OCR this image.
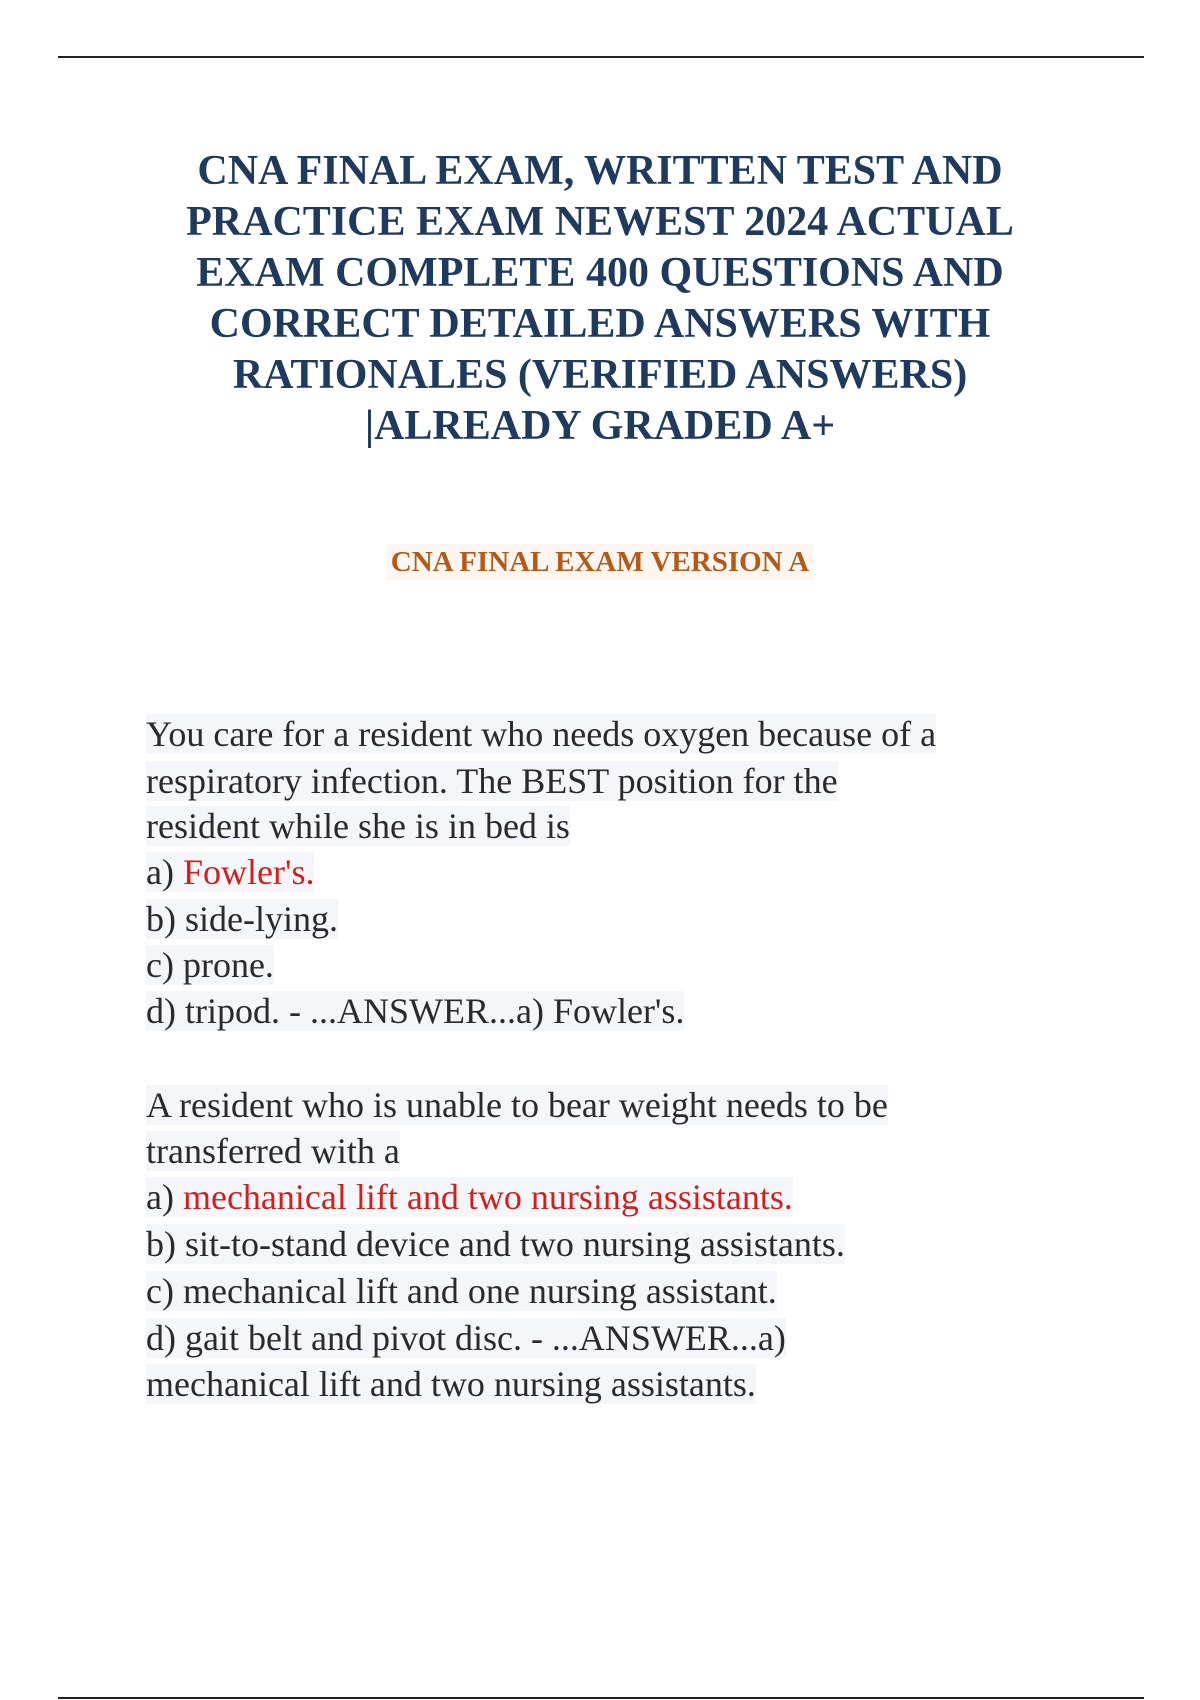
CNA FINAL EXAM, WRITTEN TEST AND
PRACTICE EXAM NEWEST 2024 ACTUAL
EXAM COMPLETE 400 QUESTIONS AND
CORRECT DETAILED ANSWERS WITH
RATIONALES (VERIFIED ANSWERS)
|ALREADY GRADED A+
CNA FINAL EXAM VERSION A
You care for a resident who needs oxygen because of a
respiratory infection. The BEST position for the
resident while she is in bed is
a) Fowler's.
b) side-lying.
c) prone.
d) tripod. - ...ANSWER...a) Fowler's.
A resident who is unable to bear weight needs to be
transferred with a
a) mechanical lift and two nursing assistants.
b) sit-to-stand device and two nursing assistants.
c) mechanical lift and one nursing assistant.
d) gait belt and pivot disc. - ...ANSWER...a)
mechanical lift and two nursing assistants.
